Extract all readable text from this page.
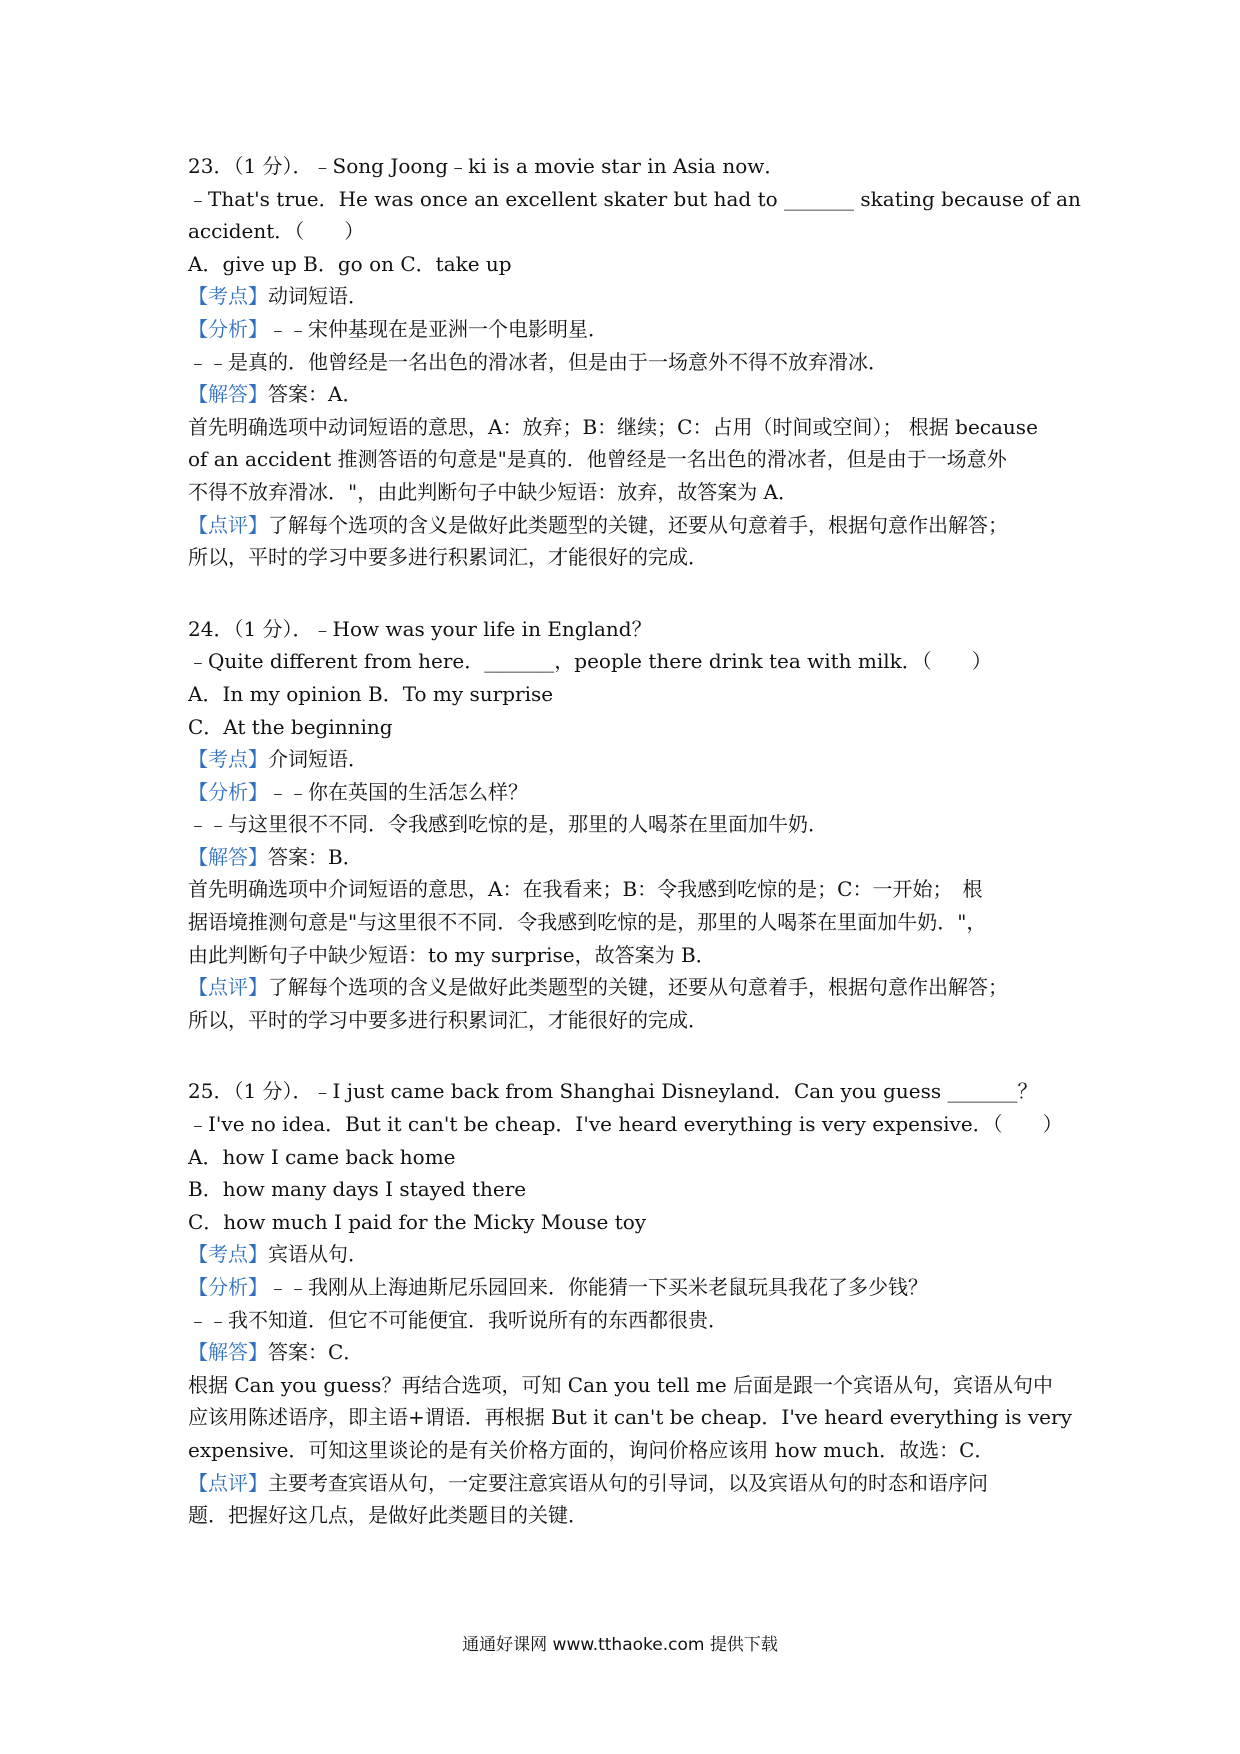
23．（1 分）．﹣Song Joong﹣ki is a movie star in Asia now．
﹣That's true．He was once an excellent skater but had to _______ skating because of an
accident．（　　）
A．give up B．go on C．take up
【考点】动词短语．
【分析】﹣﹣宋仲基现在是亚洲一个电影明星．
﹣﹣是真的．他曾经是一名出色的滑冰者，但是由于一场意外不得不放弃滑冰．
【解答】答案：A．
首先明确选项中动词短语的意思，A：放弃；B：继续；C：占用（时间或空间）； 根据 because
of an accident 推测答语的句意是"是真的．他曾经是一名出色的滑冰者，但是由于一场意外
不得不放弃滑冰．"，由此判断句子中缺少短语：放弃，故答案为 A．
【点评】了解每个选项的含义是做好此类题型的关键，还要从句意着手，根据句意作出解答；
所以，平时的学习中要多进行积累词汇，才能很好的完成．
24．（1 分）．﹣How was your life in England？
﹣Quite different from here．_______，people there drink tea with milk．（　　）
A．In my opinion B．To my surprise
C．At the beginning
【考点】介词短语．
【分析】﹣﹣你在英国的生活怎么样？
﹣﹣与这里很不不同．令我感到吃惊的是，那里的人喝茶在里面加牛奶．
【解答】答案：B．
首先明确选项中介词短语的意思，A：在我看来；B：令我感到吃惊的是；C：一开始；　根
据语境推测句意是"与这里很不不同．令我感到吃惊的是，那里的人喝茶在里面加牛奶．"，
由此判断句子中缺少短语：to my surprise，故答案为 B．
【点评】了解每个选项的含义是做好此类题型的关键，还要从句意着手，根据句意作出解答；
所以，平时的学习中要多进行积累词汇，才能很好的完成．
25．（1 分）．﹣I just came back from Shanghai Disneyland．Can you guess _______？
﹣I've no idea．But it can't be cheap．I've heard everything is very expensive．（　　）
A．how I came back home
B．how many days I stayed there
C．how much I paid for the Micky Mouse toy
【考点】宾语从句．
【分析】﹣﹣我刚从上海迪斯尼乐园回来．你能猜一下买米老鼠玩具我花了多少钱？
﹣﹣我不知道．但它不可能便宜．我听说所有的东西都很贵．
【解答】答案：C．
根据 Can you guess？再结合选项，可知 Can you tell me 后面是跟一个宾语从句，宾语从句中
应该用陈述语序，即主语+谓语．再根据 But it can't be cheap．I've heard everything is very
expensive．可知这里谈论的是有关价格方面的，询问价格应该用 how much．故选：C．
【点评】主要考查宾语从句，一定要注意宾语从句的引导词，以及宾语从句的时态和语序问
题．把握好这几点，是做好此类题目的关键．
通通好课网 www.tthaoke.com 提供下载
